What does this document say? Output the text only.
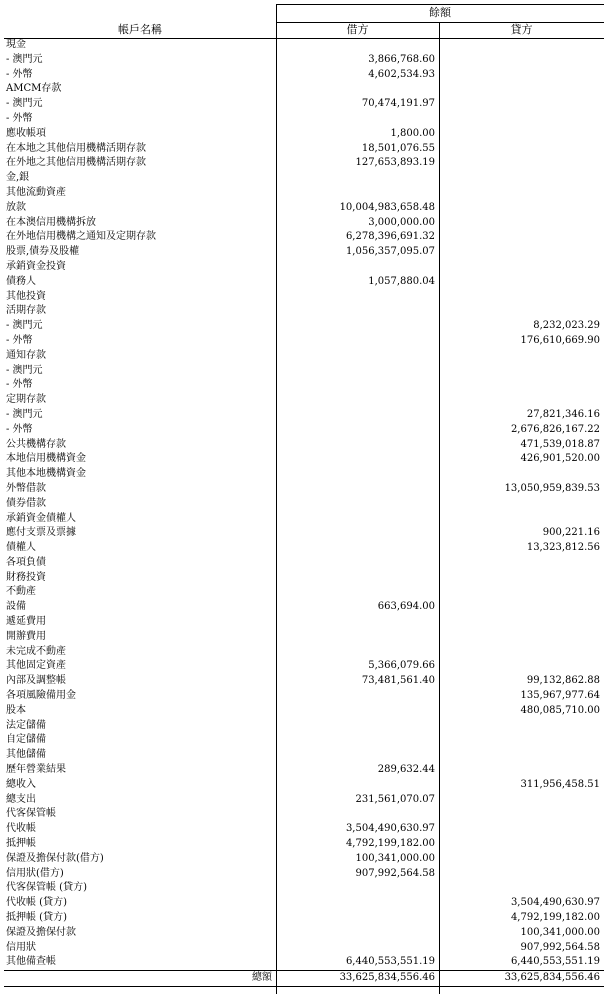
餘額
帳戶名稱	借方	貸方
現金		
- 澳門元	3,866,768.60	
- 外幣	4,602,534.93	
AMCM存款		
- 澳門元	70,474,191.97	
- 外幣		
應收帳項	1,800.00	
在本地之其他信用機構活期存款	18,501,076.55	
在外地之其他信用機構活期存款	127,653,893.19	
金,銀		
其他流動資產		
放款	10,004,983,658.48	
在本澳信用機構拆放	3,000,000.00	
在外地信用機構之通知及定期存款	6,278,396,691.32	
股票,債券及股權	1,056,357,095.07	
承銷資金投資		
債務人	1,057,880.04	
其他投資		
活期存款		
- 澳門元		8,232,023.29
- 外幣		176,610,669.90
通知存款		
- 澳門元		
- 外幣		
定期存款		
- 澳門元		27,821,346.16
- 外幣		2,676,826,167.22
公共機構存款		471,539,018.87
本地信用機構資金		426,901,520.00
其他本地機構資金		
外幣借款		13,050,959,839.53
債券借款		
承銷資金債權人		
應付支票及票據		900,221.16
債權人		13,323,812.56
各項負債		
財務投資		
不動產		
設備	663,694.00	
遞延費用		
開辦費用		
未完成不動產		
其他固定資產	5,366,079.66	
內部及調整帳	73,481,561.40	99,132,862.88
各項風險備用金		135,967,977.64
股本		480,085,710.00
法定儲備		
自定儲備		
其他儲備		
歷年營業結果	289,632.44	
總收入		311,956,458.51
總支出	231,561,070.07	
代客保管帳		
代收帳	3,504,490,630.97	
抵押帳	4,792,199,182.00	
保證及擔保付款(借方)	100,341,000.00	
信用狀(借方)	907,992,564.58	
代客保管帳 (貸方)		
代收帳 (貸方)		3,504,490,630.97
抵押帳 (貸方)		4,792,199,182.00
保證及擔保付款		100,341,000.00
信用狀		907,992,564.58
其他備查帳	6,440,553,551.19	6,440,553,551.19
總額	33,625,834,556.46	33,625,834,556.46
